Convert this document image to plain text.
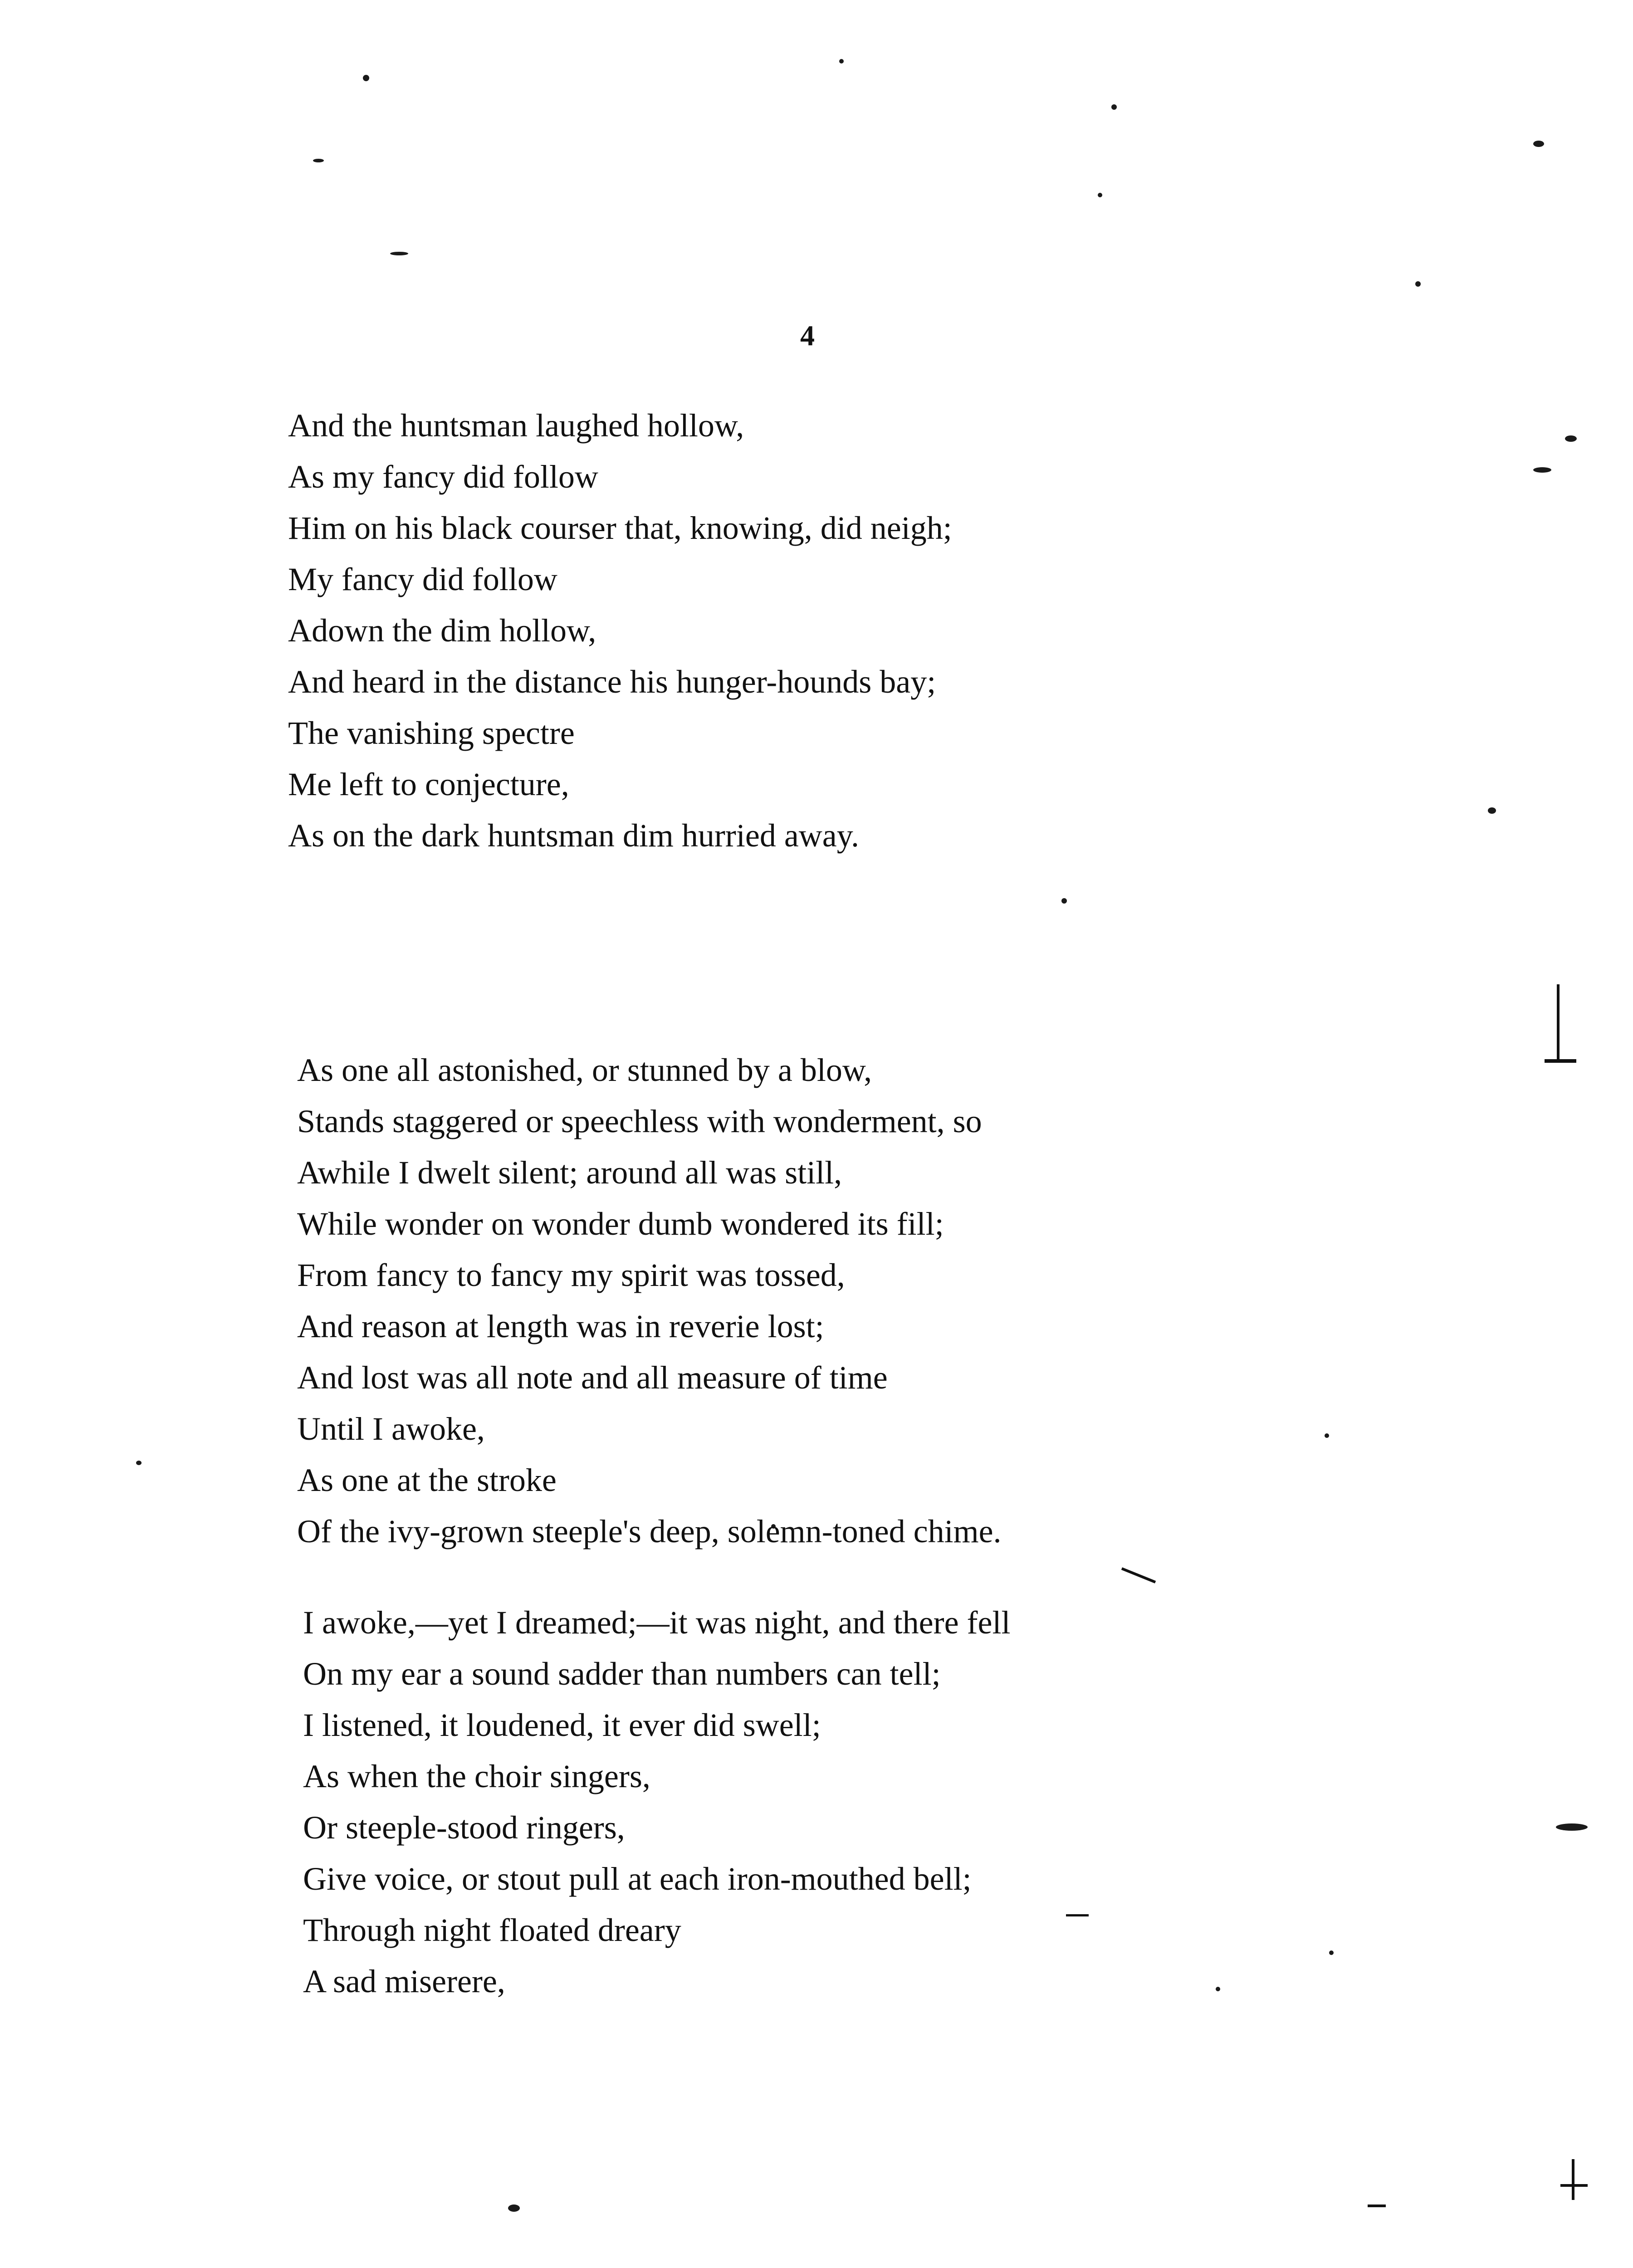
4
And the huntsman laughed hollow,
As my fancy did follow
Him on his black courser that, knowing, did neigh;
My fancy did follow
Adown the dim hollow,
And heard in the distance his hunger-hounds bay;
The vanishing spectre
Me left to conjecture,
As on the dark huntsman dim hurried away.
As one all astonished, or stunned by a blow,
Stands staggered or speechless with wonderment, so
Awhile I dwelt silent; around all was still,
While wonder on wonder dumb wondered its fill;
From fancy to fancy my spirit was tossed,
And reason at length was in reverie lost;
And lost was all note and all measure of time
Until I awoke,
As one at the stroke
Of the ivy-grown steeple's deep, solemn-toned chime.
I awoke,—yet I dreamed;—it was night, and there fell
On my ear a sound sadder than numbers can tell;
I listened, it loudened, it ever did swell;
As when the choir singers,
Or steeple-stood ringers,
Give voice, or stout pull at each iron-mouthed bell;
Through night floated dreary
A sad miserere,
